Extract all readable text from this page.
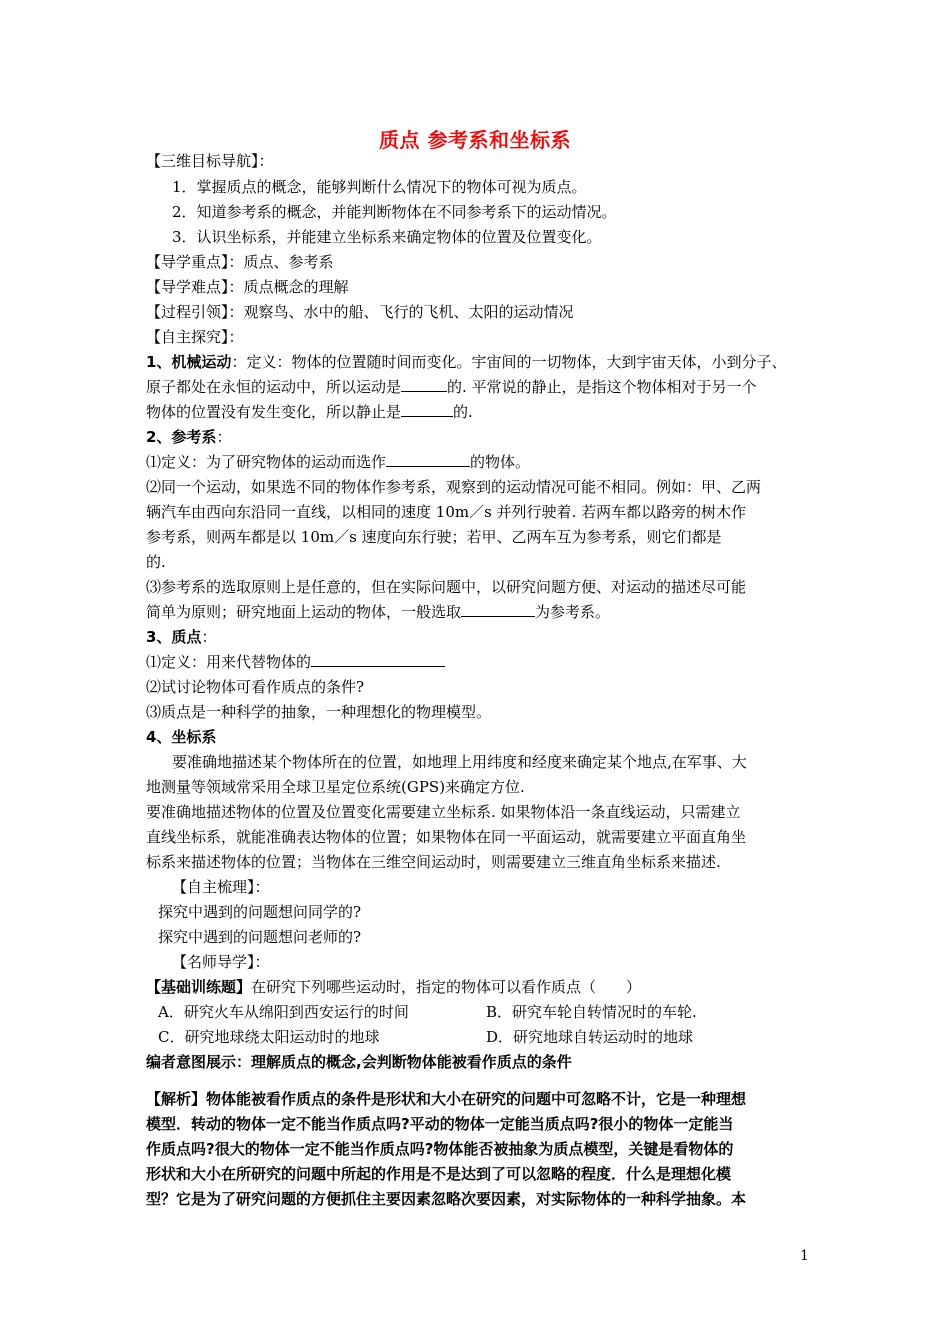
质点 参考系和坐标系
【三维目标导航】：
1．掌握质点的概念，能够判断什么情况下的物体可视为质点。
2．知道参考系的概念，并能判断物体在不同参考系下的运动情况。
3．认识坐标系，并能建立坐标系来确定物体的位置及位置变化。
【导学重点】：质点、参考系
【导学难点】：质点概念的理解
【过程引领】：观察鸟、水中的船、飞行的飞机、太阳的运动情况
【自主探究】：
1、机械运动：定义：物体的位置随时间而变化。宇宙间的一切物体，大到宇宙天体，小到分子、
原子都处在永恒的运动中，所以运动是	的. 平常说的静止，是指这个物体相对于另一个
物体的位置没有发生变化，所以静止是	的.
2、参考系：
⑴定义：为了研究物体的运动而选作	的物体。
⑵同一个运动，如果选不同的物体作参考系，观察到的运动情况可能不相同。例如：甲、乙两
辆汽车由西向东沿同一直线，以相同的速度 10m／s 并列行驶着. 若两车都以路旁的树木作
参考系，则两车都是以 10m／s 速度向东行驶；若甲、乙两车互为参考系，则它们都是
的.
⑶参考系的选取原则上是任意的，但在实际问题中，以研究问题方便、对运动的描述尽可能
简单为原则；研究地面上运动的物体，一般选取	为参考系。
3、质点：
⑴定义：用来代替物体的
⑵试讨论物体可看作质点的条件?
⑶质点是一种科学的抽象，一种理想化的物理模型。
4、坐标系
要准确地描述某个物体所在的位置，如地理上用纬度和经度来确定某个地点,在军事、大
地测量等领域常采用全球卫星定位系统(GPS)来确定方位.
要准确地描述物体的位置及位置变化需要建立坐标系. 如果物体沿一条直线运动，只需建立
直线坐标系，就能准确表达物体的位置；如果物体在同一平面运动，就需要建立平面直角坐
标系来描述物体的位置；当物体在三维空间运动时，则需要建立三维直角坐标系来描述.
【自主梳理】：
探究中遇到的问题想问同学的?
探究中遇到的问题想问老师的?
【名师导学】：
【基础训练题】在研究下列哪些运动时，指定的物体可以看作质点（　　）
A．研究火车从绵阳到西安运行的时间	B．研究车轮自转情况时的车轮.
C．研究地球绕太阳运动时的地球	D．研究地球自转运动时的地球
编者意图展示：理解质点的概念,会判断物体能被看作质点的条件
【解析】物体能被看作质点的条件是形状和大小在研究的问题中可忽略不计，它是一种理想
模型．转动的物体一定不能当作质点吗?平动的物体一定能当质点吗?很小的物体一定能当
作质点吗?很大的物体一定不能当作质点吗?物体能否被抽象为质点模型，关键是看物体的
形状和大小在所研究的问题中所起的作用是不是达到了可以忽略的程度．什么是理想化模
型？它是为了研究问题的方便抓住主要因素忽略次要因素，对实际物体的一种科学抽象。本
1
